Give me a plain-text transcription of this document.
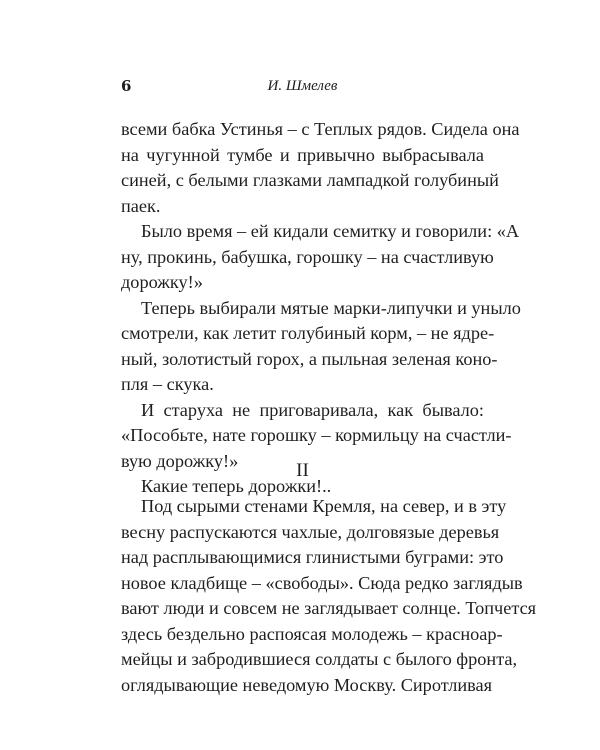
6	И. Шмелев
всеми бабка Устинья – с Теплых рядов. Сидела она
на чугунной тумбе и привычно выбрасывала
синей, с белыми глазками лампадкой голубиный
паек.
Было время – ей кидали семитку и говорили: «А
ну, прокинь, бабушка, горошку – на счастливую
дорожку!»
Теперь выбирали мятые марки-липучки и уныло
смотрели, как летит голубиный корм, – не ядре-
ный, золотистый горох, а пыльная зеленая коно-
пля – скука.
И старуха не приговаривала, как бывало:
«Пособьте, нате горошку – кормильцу на счастли-
вую дорожку!»
Какие теперь дорожки!..
II
Под сырыми стенами Кремля, на север, и в эту
весну распускаются чахлые, долговязые деревья
над расплывающимися глинистыми буграми: это
новое кладбище – «свободы». Сюда редко заглядыв
вают люди и совсем не заглядывает солнце. Топчется
здесь бездельно распоясая молодежь – красноар-
мейцы и забродившиеся солдаты с былого фронта,
оглядывающие неведомую Москву. Сиротливая
